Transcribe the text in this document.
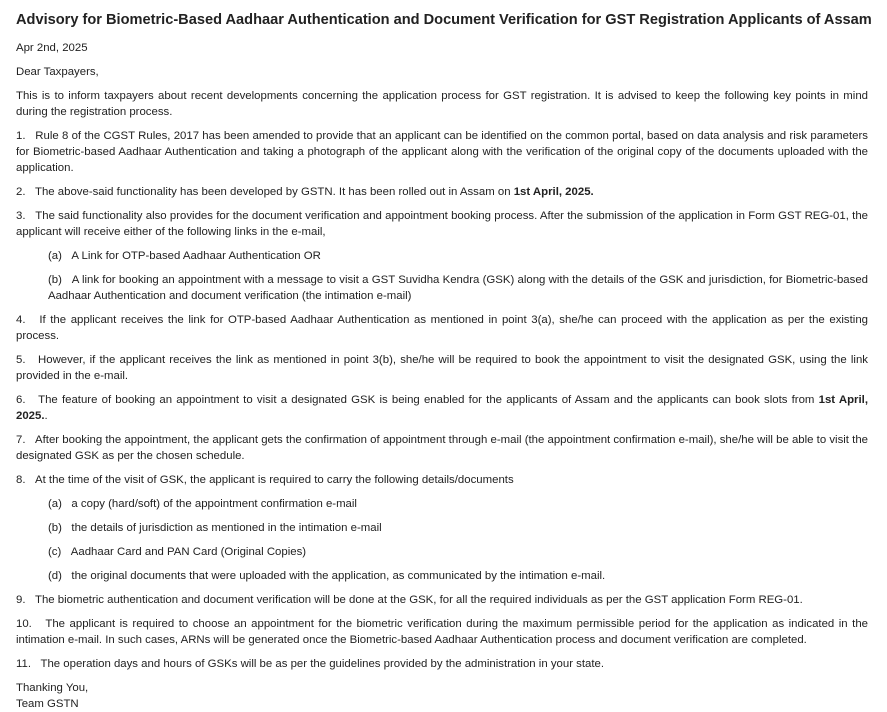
Advisory for Biometric-Based Aadhaar Authentication and Document Verification for GST Registration Applicants of Assam

Apr 2nd, 2025

Dear Taxpayers,

This is to inform taxpayers about recent developments concerning the application process for GST registration. It is advised to keep the following key points in mind during the registration process.

1.   Rule 8 of the CGST Rules, 2017 has been amended to provide that an applicant can be identified on the common portal, based on data analysis and risk parameters for Biometric-based Aadhaar Authentication and taking a photograph of the applicant along with the verification of the original copy of the documents uploaded with the application.

2.   The above-said functionality has been developed by GSTN. It has been rolled out in Assam on 1st April, 2025.

3.   The said functionality also provides for the document verification and appointment booking process. After the submission of the application in Form GST REG-01, the applicant will receive either of the following links in the e-mail,

(a)   A Link for OTP-based Aadhaar Authentication OR

(b)   A link for booking an appointment with a message to visit a GST Suvidha Kendra (GSK) along with the details of the GSK and jurisdiction, for Biometric-based Aadhaar Authentication and document verification (the intimation e-mail)

4.   If the applicant receives the link for OTP-based Aadhaar Authentication as mentioned in point 3(a), she/he can proceed with the application as per the existing process.

5.   However, if the applicant receives the link as mentioned in point 3(b), she/he will be required to book the appointment to visit the designated GSK, using the link provided in the e-mail.

6.   The feature of booking an appointment to visit a designated GSK is being enabled for the applicants of Assam and the applicants can book slots from 1st April, 2025..

7.   After booking the appointment, the applicant gets the confirmation of appointment through e-mail (the appointment confirmation e-mail), she/he will be able to visit the designated GSK as per the chosen schedule.

8.   At the time of the visit of GSK, the applicant is required to carry the following details/documents

(a)   a copy (hard/soft) of the appointment confirmation e-mail

(b)   the details of jurisdiction as mentioned in the intimation e-mail

(c)   Aadhaar Card and PAN Card (Original Copies)

(d)   the original documents that were uploaded with the application, as communicated by the intimation e-mail.

9.   The biometric authentication and document verification will be done at the GSK, for all the required individuals as per the GST application Form REG-01.

10.   The applicant is required to choose an appointment for the biometric verification during the maximum permissible period for the application as indicated in the intimation e-mail. In such cases, ARNs will be generated once the Biometric-based Aadhaar Authentication process and document verification are completed.

11.   The operation days and hours of GSKs will be as per the guidelines provided by the administration in your state.

Thanking You,

Team GSTN
